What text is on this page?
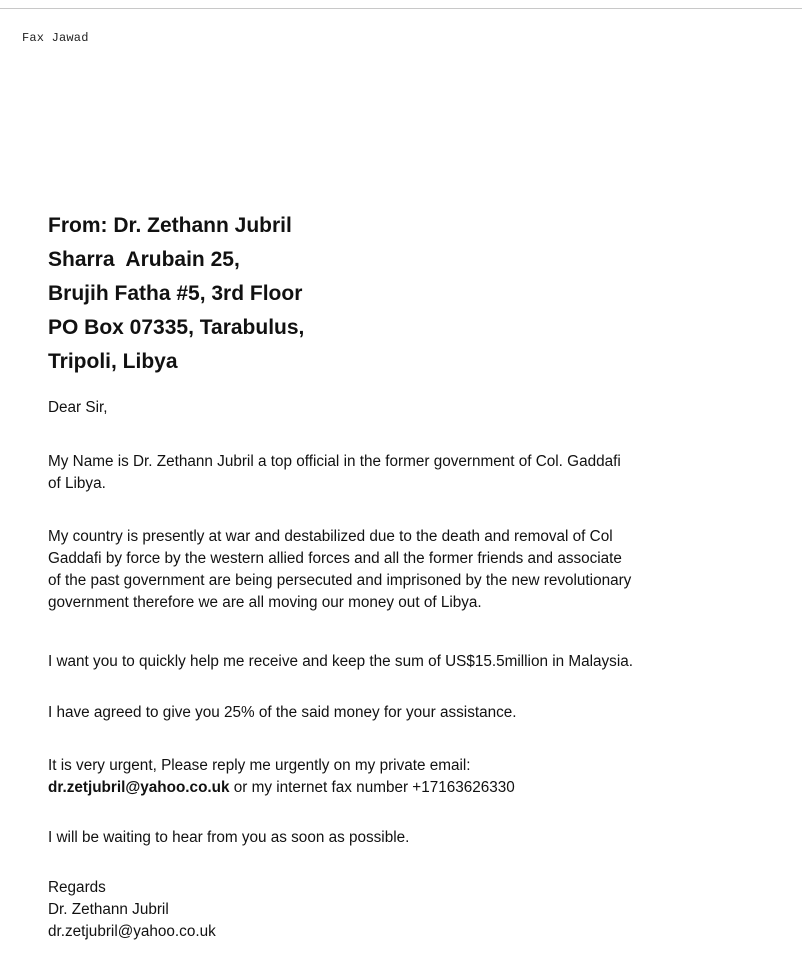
Fax Jawad
From: Dr. Zethann Jubril
Sharra  Arubain 25,
Brujih Fatha #5, 3rd Floor
PO Box 07335, Tarabulus,
Tripoli, Libya
Dear Sir,
My Name is Dr. Zethann Jubril a top official in the former government of Col. Gaddafi
of Libya.
My country is presently at war and destabilized due to the death and removal of Col
Gaddafi by force by the western allied forces and all the former friends and associate
of the past government are being persecuted and imprisoned by the new revolutionary
government therefore we are all moving our money out of Libya.
I want you to quickly help me receive and keep the sum of US$15.5million in Malaysia.
I have agreed to give you 25% of the said money for your assistance.
It is very urgent, Please reply me urgently on my private email:
dr.zetjubril@yahoo.co.uk or my internet fax number +17163626330
I will be waiting to hear from you as soon as possible.
Regards
Dr. Zethann Jubril
dr.zetjubril@yahoo.co.uk
